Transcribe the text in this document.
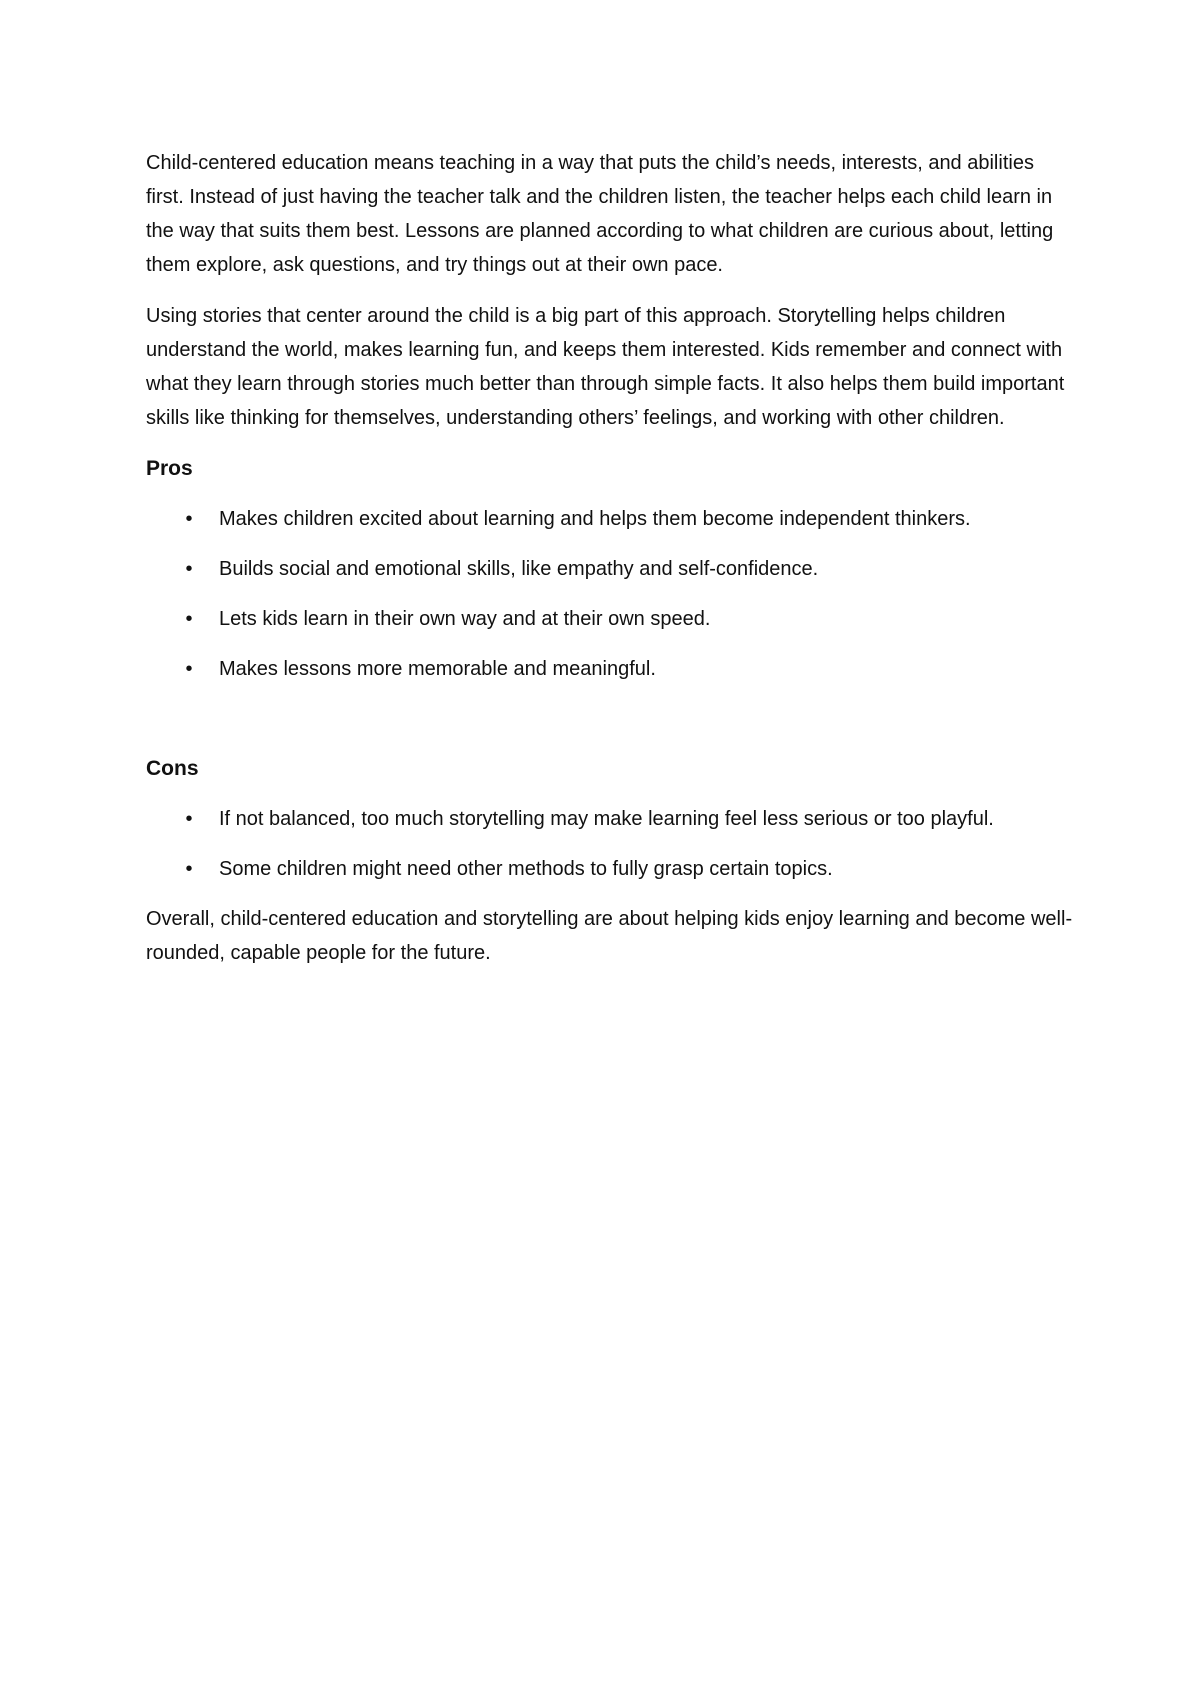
Child-centered education means teaching in a way that puts the child’s needs, interests, and abilities first. Instead of just having the teacher talk and the children listen, the teacher helps each child learn in the way that suits them best. Lessons are planned according to what children are curious about, letting them explore, ask questions, and try things out at their own pace.

Using stories that center around the child is a big part of this approach. Storytelling helps children understand the world, makes learning fun, and keeps them interested. Kids remember and connect with what they learn through stories much better than through simple facts. It also helps them build important skills like thinking for themselves, understanding others’ feelings, and working with other children.

Pros
• Makes children excited about learning and helps them become independent thinkers.
• Builds social and emotional skills, like empathy and self-confidence.
• Lets kids learn in their own way and at their own speed.
• Makes lessons more memorable and meaningful.
Cons
• If not balanced, too much storytelling may make learning feel less serious or too playful.
• Some children might need other methods to fully grasp certain topics.

Overall, child-centered education and storytelling are about helping kids enjoy learning and become well-rounded, capable people for the future.
